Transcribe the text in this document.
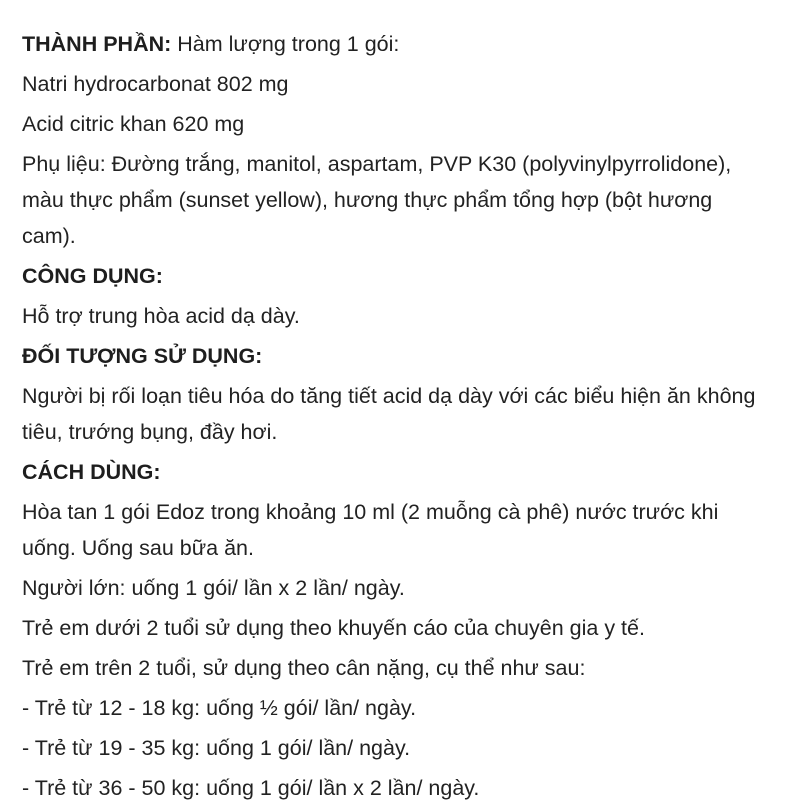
THÀNH PHẦN: Hàm lượng trong 1 gói:

Natri hydrocarbonat 802 mg

Acid citric khan 620 mg

Phụ liệu: Đường trắng, manitol, aspartam, PVP K30 (polyvinylpyrrolidone), màu thực phẩm (sunset yellow), hương thực phẩm tổng hợp (bột hương cam).

CÔNG DỤNG:

Hỗ trợ trung hòa acid dạ dày.

ĐỐI TƯỢNG SỬ DỤNG:

Người bị rối loạn tiêu hóa do tăng tiết acid dạ dày với các biểu hiện ăn không tiêu, trướng bụng, đầy hơi.

CÁCH DÙNG:

Hòa tan 1 gói Edoz trong khoảng 10 ml (2 muỗng cà phê) nước trước khi uống. Uống sau bữa ăn.

Người lớn: uống 1 gói/ lần x 2 lần/ ngày.

Trẻ em dưới 2 tuổi sử dụng theo khuyến cáo của chuyên gia y tế.

Trẻ em trên 2 tuổi, sử dụng theo cân nặng, cụ thể như sau:

- Trẻ từ 12 - 18 kg: uống ½ gói/ lần/ ngày.

- Trẻ từ 19 - 35 kg: uống 1 gói/ lần/ ngày.

- Trẻ từ 36 - 50 kg: uống 1 gói/ lần x 2 lần/ ngày.
